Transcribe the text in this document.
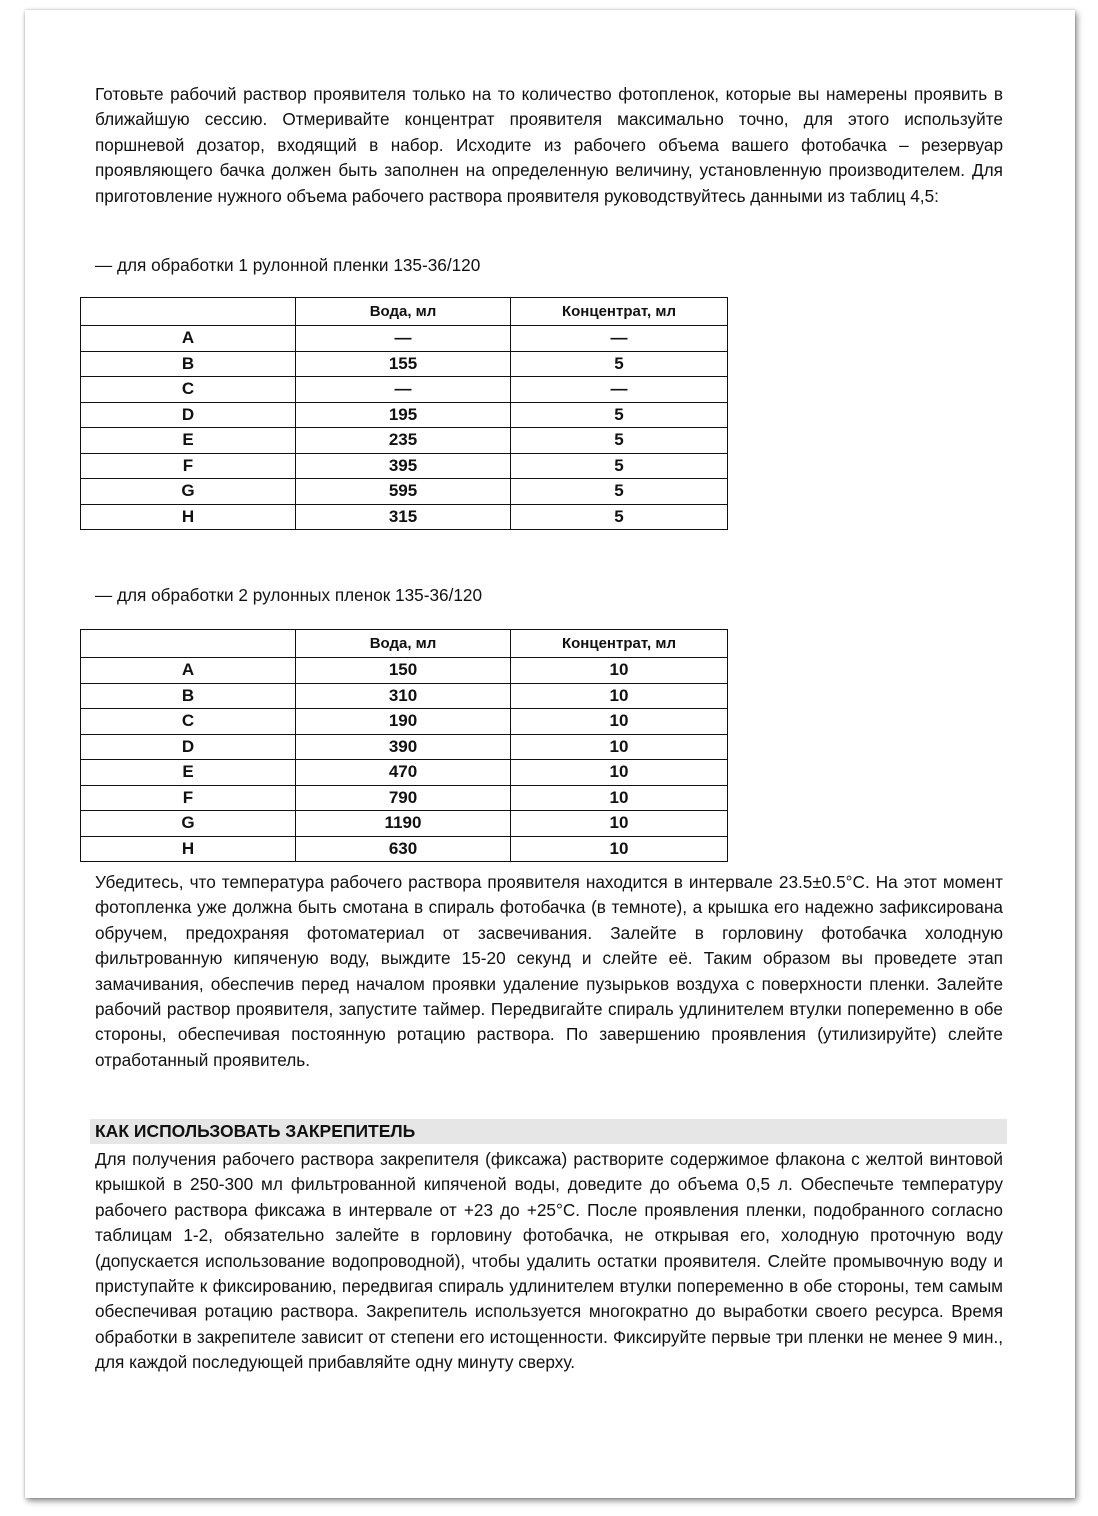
Готовьте рабочий раствор проявителя только на то количество фотопленок, которые вы намерены проявить в ближайшую сессию. Отмеривайте концентрат проявителя максимально точно, для этого используйте поршневой дозатор, входящий в набор. Исходите из рабочего объема вашего фотобачка – резервуар проявляющего бачка должен быть заполнен на определенную величину, установленную производителем. Для приготовление нужного объема рабочего раствора проявителя руководствуйтесь данными из таблиц 4,5:

— для обработки 1 рулонной пленки 135-36/120

	Вода, мл	Концентрат, мл
A	—	—
B	155	5
C	—	—
D	195	5
E	235	5
F	395	5
G	595	5
H	315	5

— для обработки 2 рулонных пленок 135-36/120

	Вода, мл	Концентрат, мл
A	150	10
B	310	10
C	190	10
D	390	10
E	470	10
F	790	10
G	1190	10
H	630	10

Убедитесь, что температура рабочего раствора проявителя находится в интервале 23.5±0.5°С. На этот момент фотопленка уже должна быть смотана в спираль фотобачка (в темноте), а крышка его надежно зафиксирована обручем, предохраняя фотоматериал от засвечивания. Залейте в горловину фотобачка холодную фильтрованную кипяченую воду, выждите 15-20 секунд и слейте её. Таким образом вы проведете этап замачивания, обеспечив перед началом проявки удаление пузырьков воздуха с поверхности пленки. Залейте рабочий раствор проявителя, запустите таймер. Передвигайте спираль удлинителем втулки попеременно в обе стороны, обеспечивая постоянную ротацию раствора. По завершению проявления (утилизируйте) слейте отработанный проявитель.

КАК ИСПОЛЬЗОВАТЬ ЗАКРЕПИТЕЛЬ

Для получения рабочего раствора закрепителя (фиксажа) растворите содержимое флакона с желтой винтовой крышкой в 250-300 мл фильтрованной кипяченой воды, доведите до объема 0,5 л. Обеспечьте температуру рабочего раствора фиксажа в интервале от +23 до +25°С. После проявления пленки, подобранного согласно таблицам 1-2, обязательно залейте в горловину фотобачка, не открывая его, холодную проточную воду (допускается использование водопроводной), чтобы удалить остатки проявителя. Слейте промывочную воду и приступайте к фиксированию, передвигая спираль удлинителем втулки попеременно в обе стороны, тем самым обеспечивая ротацию раствора. Закрепитель используется многократно до выработки своего ресурса. Время обработки в закрепителе зависит от степени его истощенности. Фиксируйте первые три пленки не менее 9 мин., для каждой последующей прибавляйте одну минуту сверху.
